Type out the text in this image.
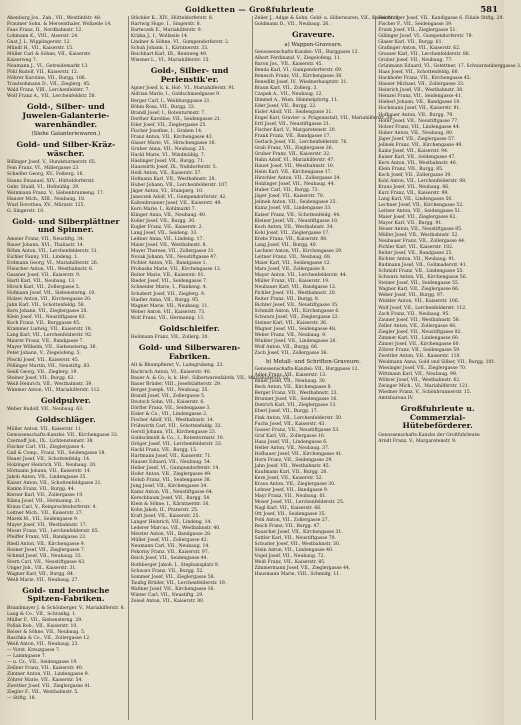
Goldketten — Großfuhrleute	581
Abenburg Jos., Zab., VII., Westbhfstr. 48.
Fraumer Sohn. & Mersenthaler, Wollzeile 14.
Faus Franz, II., Nordbahnstr. 12.
Lohmann K., VIII., Alserstr. 24.
Gust J. L. Wipplingerstr. 12.
Mündl H., VII., Kaiserstr. 15.
Müller Carl & Söhne, VII., Kaiserstr.
Kaiserweg 7.
Neumann J., VI., Getreidemarkt 13.
Pöhl Rudolf, VII., Kaiserstr. 12.
Nöhrer Karoline, VII., Burgg. 106.
Trautsohmann D., VII., Zieglerg. 45.
Wald Franz, VIII., Lerchenfeldstr. 7.
Wolf Franz A., VII., Lerchenfeldstr. 58.
Gold-, Silber- und Juwelen-Galanterie-warenhändler.
(Siehe Galanteriewaren.)
Gold- und Silber-Kräz-wäscher.
Billinger Josef, V., Hundsturmerstr. 65.
Fein Franz, VI., Millergasse 23.
Schedler Georg, XV., Felberg. 16.
Hanns Emanuel, XIV., Hütteldorferstr.
Gebr. Staidl, VI., Hofmühlg. 29.
Weinmann Franz, V., Siebenbrunneng. 17.
Hauser Mich., XIII., Neubaug. 18.
Wuzl Dorothea, XV., Märzstr. 125.
G. Singerstr. 10.
Gold- und Silberplättner und Spinner.
Ameier Franz, VII., Neustiftg. 34.
Bauer Johann, XVI., Thaliastr. 14.
Böhm Anton, VII., Lerchenfelderstr. 31.
Eichler Fanny, VII., Lindeng. 1.
Erdmann Georg, VI., Mariahilferstr. 26.
Fleischer Anton, VII., Westbahnstr. 6.
Gassner Josef, VII., Kaiserstr. 9.
Hartl Karl, VII., Neubaug. 13.
Hirsch Karl, VII., Zollergasse 5.
Hofmann Josef, VII., Siebensterng. 10.
Holzer Anton, VII., Kirchengasse 20.
Jahn Karl, VII., Schottenfeldg. 58.
Kern Johann, VII., Zieglergasse 28.
Klein Josef, VII., Neustiftgasse 83.
Koch Franz, VII., Burggasse 45.
Krammer Ludwig, VII., Kaiserstr. 18.
Lang Karl, VII., Lerchenfelderstr. 92.
Maurer Franz, VII., Bandgasse 7.
Mayer Wilhelm, VII., Siebensterng. 36.
Peter Johann, V., Ziegelofeng. 5.
Pöschl Josef, VII., Kaiserstr. 45.
Pöllinger Martin, VII., Neustiftg. 83.
Seidl Georg, VII., Zieglerg. 19.
Steiner Josef, VII., Burgg. 62.
Weiß Heinrich, VII., Westbahnstr. 39.
Wimmer Anton, VII., Mariahilferstr. 112.
Goldpulver.
Weber Rudolf, VII., Neubaug. 63.
Goldschläger.
Müller Anton, VII., Kaiserstr. 11.
Genossenschafts-Kanzlei: VII., Kirchengasse 33.
Czernoff Joh., IX., Lichtensteinstr. 38.
Fischer Carl, VII., Zieglergasse 4.
Gall & Comp., Franz, VII., Seidengasse 18.
Hauer Josef, VII., Schottenfeldg. 14.
Holzinger Heinrich, VII., Neubaug. 20.
Hörmann Johann, VII., Kaiserstr. 14.
Jakob Anton, VII., Lindengasse 35.
Kaiser Anton, VII., Schottenfeldgasse 21.
Kamm Franz, VII., Burgg. 44.
Kerner Karl, VII., Zollergasse 19.
Klima Josef, VII., Hermanng. 21.
Kraus Carl, V., Reinprechtsdorferstr. 4.
Leitner Mich., VII., Kaiserstr. 27.
Marek M., VII., Seidengasse 9.
Mayer Josef, VII., Westbahnstr. 17.
Moser Franz, VII., Lerchenfelderstr. 65.
Pfeiffer Franz, VII., Bandgasse 23.
Riedl Anton, VII., Kirchengasse 9.
Rosner Josef, VII., Zieglergasse 7.
Schmid Josef, VII., Neubaug. 33.
Stern Carl, VII., Neustiftgasse 43.
Unger Joh., VII., Kaiserstr. 31.
Wagner Karl, VII., Burgg. 84.
Weiß Marie, VII., Neubaug. 27.
Gold- und leonische Spitzen-Fabriken.
Brandmayer J. & Schönberger, V., Mariahilferstr. 8.
Laug & Co., VII., Schrankg. 1.
Müller F., VII., Siebensterng. 29.
Pollak Rob., VII., Kaiserstr. 10.
Reiser & Söhne, VII., Neubaug. 5.
Raschka & Co., VII., Zollergasse 12.
Weiß Anton, VII., Neubaug. 23.
— Vorst. Kreuzgasse 7.
— Lammgasse 7.
— u. Cz., VII., Seidengasse 19.
Zellner Franz, VII., Kaiserstr. 40.
Zimmer Anton, VII., Lindengasse 9.
Zöhrer Marie, VII., Kaiserstr. 54.
Zwettler Josef, VII., Zieglergasse 41.
Ziegler F., VII., Westbahnstr. 5.
— Stiftg. 18.
Stöckler K., XIV., Hütteldorferstr. 8.
Hartwig Hugo, I., Singerstr. 8.
Barteczek E., Mariahilferstr. 9.
Krizka J., I., Wollzeile 14.
Lindner & Söhne, VI., Gumpendorferstr. 2.
Schuh Johann, I., Kärntnerstr. 33.
Reichhart Karl, III., Rennweg 49.
Wiesner L., VI., Mariahilferstr. 15.
Gold-, Silber- und Perlenstik'er.
Agner Josef, k. k. Hof-, VI., Mariahilferstr. 91.
Aldrian Marie, I., Goldschmiedgasse 9.
Berger Carl, I., Weihburggasse 21.
Böhm Rosa, VII., Burgg. 33.
Brandl Josef, I., Rotenturmstr. 7.
Dorfner Karoline, VII., Seidengasse 21.
Eder Josef, VII., Zieglergasse 25.
Fischer Josefine, I., Graben 14.
Franz Anton, VII., Kirchengasse 43.
Glaser Marie, VI., Hirschengasse 16.
Gruber Anna, VII., Neubaug. 25.
Hackl Marie, VI., Windmühlg. 7.
Haslinger Josef, VII., Burgg. 71.
Hauswirth Josef, IX., Nußdorferstr. 5.
Heiß Anton, VII., Kaiserstr. 57.
Hofmann Karl, VII., Westbahnstr. 28.
Huber Johann, VII., Lerchenfelderstr. 107.
Jäger Anton, VI., Stumperg. 10.
Janeczek Adolf, VI., Gumpendorferstr. 42.
Kaltenbrunner Josef, VII., Kaiserstr. 49.
Kern Marie, I., Kohlmarkt 7.
Klinger Anna, VII., Neubaug. 40.
Koller Josef, VII., Burgg. 30.
Kugler Franz, VII., Kaiserstr. 2.
Lang Josef, VII., Seideng. 33.
Leitner Anna, VII., Lindeng. 17.
Maier Josef, VII., Westbahnstr. 8.
Mayer Therese, VII., Zollergasse 31.
Novak Johann, VII., Neustiftgasse 47.
Pichler Anton, VII., Bandgasse 1.
Prohaska Marie, VII., Kirchengasse 12.
Reiter Marie, VII., Kaiserstr. 61.
Rieder Josef, VII., Seidengasse 7.
Schneider Marie, I., Plankeng. 4.
Schubert Josef, VII., Zieglerg. 9.
Stadler Anna, VII., Burgg. 95.
Wagner Marie, VII., Neubaug. 11.
Weber Anton, VII., Kaiserstr. 73.
Wolf Franz, VII., Hermanng. 13.
Goldschleifer.
Heilmann Franz, VII., Zollerg. 20.
Gold- und Silberwaren-Fabriken.
Alt & Rhumpflerer, V., Laimgrubeng. 23.
Bachruch Anton, VI., Kaiserstr. 40.
Bauer A. & Co., k. k. Hof-, Silberwarenfabrik, VII., Mariahilferstr. 52.
Bauer Brüder, VIII., Josefstädterstr. 29.
Berger Joseph, VII., Neubaug. 35.
Brandl Josef, VII., Zollergasse 5.
Deutsch Sohn, VII., Kaiserstr. 6.
Dörfler Franz, VII., Seidengasse 3.
Eisler & Co., VII., Lindengasse 2.
Fischer Adolf, VII., Westbahnstr. 14.
Frühwirth Carl, VII., Schottenfeldg. 32.
Gerstl Johann, VII., Kirchengasse 23.
Goldschmidt & Co., I., Rotenturmstr. 10.
Gröger Josef, VII., Lerchenfelderstr. 33.
Hackl Franz, VII., Burgg. 15.
Hartmann Josef, VII., Kaiserstr. 71.
Hauser Eduard, VII., Neubaug. 54.
Heller Josef, VI., Gumpendorferstr. 14.
Hofer Anton, VII., Zieglergasse 49.
Holub Franz, VII., Seidengasse 38.
Jung Josef, VII., Kirchengasse 34.
Kainz Anton, VII., Neustiftgasse 64.
Kerschbaum Josef, VII., Burgg. 54.
Klein & Söhne, I., Kärntnerstr. 16.
Kohn Jakob, II., Praterstr. 25.
Kraft Josef, VII., Kaiserstr. 25.
Langer Heinrich, VII., Lindeng. 14.
Lederer Marcus, VII., Westbahnstr. 40.
Meister Anton, VII., Bandgasse 28.
Müller Josef, VII., Zollergasse 42.
Neumann Carl, VII., Neubaug. 14.
Pokorny Franz, VII., Kaiserstr. 97.
Reich Josef, VII., Seidengasse 44.
Rothberger Jakob, I., Stephansplatz 9.
Schwarz Franz, VII., Burgg. 52.
Sommer Josef, VII., Zieglergasse 58.
Taußig Brüder, VII., Lerchenfelderstr. 19.
Wallner Josef, VII., Kirchengasse 16.
Winter Carl, VII., Neustiftg. 29.
Zeisel Anton, VII., Kaiserstr. 80.
Zeiler J., Adige & Sohn, Gold- u. Silberwaren, VII., Kaiserstr. 9.
Goldmann D., VII., Neubaug. 26.
Graveure.
a) Wappen-Graveure.
Genossenschafts-Kanzlei: VII., Burggasse 12.
Albert Ferdinand, V., Ziegelofeng. 11.
Baron Jos., VII., Kaiserstr. 45.
Benda Karl, VI., Gumpendorferstr. 69.
Benesch Franz, VII., Kirchengasse 38.
Benedikt Josef, IV., Wiednerhauptstr. 31.
Braun Karl, VII., Zollerg. 3.
Czapek A., VII., Neubaug. 12.
Dimmel A., Wien, Himmelpfortg. 11.
Eder Josef, VII., Burgg. 22.
Eisler Adolf, VII., Seidengasse 31.
Engel Karl, Gravier- u. Prägeanstalt, VII., Mariahilferstr. 34.
Ertl Josef, VII., Neustiftgasse 21.
Fischer Karl, V., Margaretenstr. 20.
Frank Franz, VII., Bandgasse 17.
Gerlach Josef, VII., Lerchenfelderstr. 76.
Grab Franz, VII., Zieglergasse 36.
Gruber Franz, VII., Kaiserstr. 32.
Hahn Adolf, VI., Mariahilferstr. 47.
Hauer Josef, VII., Westbahnstr. 10.
Heim Karl, VII., Kirchengasse 17.
Hirschler Anton, VII., Zollergasse 24.
Holzinger Josef, VII., Neubaug. 44.
Huber Carl, VII., Burgg. 73.
Jäger Josef, VII., Kaiserstr. 70.
Jelinek Anton, VII., Seidengasse 25.
Kainz Josef, VII., Lindengasse 33.
Kaiser Franz, VII., Schottenfeldg. 44.
Kleiner Josef, VII., Neustiftgasse 10.
Koch Anton, VII., Westbahnstr. 34.
Kohl Josef, VII., Zieglergasse 17.
Krebs Franz, VII., Kaiserstr. 88.
Lang Josef, VII., Burgg. 40.
Lechner Anton, VII., Kirchengasse 29.
Leitner Franz, VII., Neubaug. 68.
Maier Karl, VII., Seidengasse 12.
Marx Josef, VII., Zollergasse 8.
Mayer Anton, VII., Lerchenfelderstr. 44.
Müller Franz, VII., Kaiserstr. 19.
Neubauer Karl, VII., Bandgasse 12.
Pichler Josef, VII., Westbahnstr. 20.
Reiter Franz, VII., Burgg. 8.
Richter Josef, VII., Neustiftgasse 35.
Schmidt Anton, VII., Kirchengasse 6.
Schwarz Josef, VII., Zieglergasse 22.
Steiner Karl, VII., Kaiserstr. 36.
Wagner Josef, VII., Seidengasse 48.
Weber Franz, VII., Neubaug. 9.
Winkler Josef, VII., Lindengasse 26.
Wolf Anton, VII., Burgg. 66.
Zach Josef, VII., Zollergasse 36.
b) Metall- und Schriften-Graveure.
Genossenschafts-Kanzlei: VII., Burggasse 12.
Adler Franz, VII., Kaiserstr. 13.
Bauer Josef, VII., Neubaug. 30.
Beck Anton, VII., Kirchengasse 8.
Berger Franz, VII., Westbahnstr. 23.
Brunner Josef, VII., Seidengasse 16.
Dietrich Karl, VII., Zieglergasse 13.
Eberl Josef, VII., Burgg. 17.
Fink Anton, VII., Lerchenfelderstr. 50.
Fuchs Josef, VII., Kaiserstr. 43.
Gasser Franz, VII., Neustiftgasse 53.
Graf Karl, VII., Zollergasse 16.
Haas Josef, VII., Lindengasse 6.
Heller Anton, VII., Neubaug. 37.
Hofbauer Josef, VII., Kirchengasse 41.
Horn Franz, VII., Seidengasse 29.
Jahn Josef, VII., Westbahnstr. 45.
Kaufmann Karl, VII., Burgg. 28.
Kern Josef, VII., Kaiserstr. 52.
Kraus Anton, VII., Zieglergasse 30.
Lehner Josef, VII., Bandgasse 9.
Mayr Franz, VII., Neubaug. 61.
Moser Josef, VII., Lerchenfelderstr. 25.
Nagl Karl, VII., Kaiserstr. 66.
Ott Josef, VII., Seidengasse 35.
Pohl Anton, VII., Zollergasse 27.
Reich Franz, VII., Burgg. 47.
Rauscher Josef, VII., Kirchengasse 31.
Sattler Karl, VII., Neustiftgasse 70.
Schuster Josef, VII., Westbahnstr. 30.
Stein Anton, VII., Lindengasse 40.
Vogel Josef, VII., Neubaug. 72.
Weiß Franz, VII., Kaiserstr. 85.
Zimmermann Josef, VII., Zieglergasse 44.
Hausmann Marie, VIII., Schmidg. 11.
Feichtinger Josef, VII., Kandlgasse 6. Filiale Stiftg. 29.
Fischer F., VII., Seidengasse 39.
Frank Josef, VII., Zieglergasse 51.
Gillinger Josef, VI., Gumpendorferstr. 79.
Glaser Karl, VII., Burgg. 61.
Grafinger Anton, VII., Kaiserstr. 62.
Grasser Karl, VII., Lerchenfelderstr. 86.
Gruber Josef, VII., Neubaug. 77.
Grünmann Eduard, VI., Gstettner, 17. Schwarzenberggasse 3.
Haas Josef, VII., Schottenfeldg. 60.
Hackhofer Franz, VII., Kirchengasse 45.
Hauser Michael, VII., Zollergasse 33.
Heinrich Josef, VII., Westbahnstr. 38.
Heinzel Franz, VII., Seidengasse 41.
Hieberl Johann, VII., Bandgasse 19.
Hochmann Josef, VII., Kaiserstr. 91.
Hofbauer Anton, VII., Burgg. 79.
Hofer Josef, VII., Neustiftgasse 77.
Holzer Franz, VII., Lindengasse 44.
Huber Anton, VII., Neubaug. 80.
Jäger Josef, VII., Zieglergasse 57.
Jelinek Franz, VII., Kirchengasse 49.
Kainz Josef, VII., Kaiserstr. 94.
Kaiser Karl, VII., Seidengasse 47.
Kern Anton, VII., Westbahnstr. 46.
Klein Franz, VII., Burgg. 85.
Koch Josef, VII., Zollergasse 39.
Kohl Anton, VII., Lerchenfelderstr. 98.
Kraus Josef, VII., Neubaug. 86.
Kurz Franz, VII., Kaiserstr. 99.
Lang Karl, VII., Lindengasse 50.
Lechner Josef, VII., Kirchengasse 52.
Leitner Anton, VII., Seidengasse 51.
Maier Josef, VII., Zieglergasse 62.
Mayer Karl, VII., Burgg. 91.
Moser Anton, VII., Neustiftgasse 85.
Müller Josef, VII., Westbahnstr. 52.
Neubauer Franz, VII., Zollergasse 44.
Pichler Karl, VII., Kaiserstr. 102.
Reiter Josef, VII., Bandgasse 25.
Richter Anton, VII., Neubaug. 91.
Rudmann Josef, VII., Gollmaderstr. 41.
Schmidt Franz, VII., Lindengasse 55.
Schwarz Anton, VII., Kirchengasse 56.
Steiner Josef, VII., Seidengasse 55.
Wagner Karl, VII., Zieglergasse 66.
Weber Josef, VII., Burgg. 97.
Winkler Anton, VII., Kaiserstr. 106.
Wolf Josef, VII., Lerchenfelderstr. 112.
Zach Franz, VII., Neubaug. 95.
Zauner Josef, VII., Westbahnstr. 58.
Zeller Anton, VII., Zollergasse 48.
Ziegler Josef, VII., Neustiftgasse 92.
Zimmer Karl, VII., Lindengasse 60.
Zinner Josef, VII., Kirchengasse 60.
Zöhrer Franz, VII., Seidengasse 59.
Zwettler Anton, VII., Kaiserstr. 110.
Weidmann Anna, Gold und Silber, VII., Burgg. 101.
Wiesinger Josef, VII., Zieglergasse 70.
Wittmann Karl, VII., Neubaug. 99.
Wöhrer Josef, VII., Westbahnstr. 62.
Zwinger Mich., VI., Mariahilferstr. 121.
Wiedner Franz, V., Schönbrunnerstr. 15.
Amtsbureau IV.
Großfuhrleute u. Commerzial-Hütebeförderer.
Genossenschafts-Kanzlei der Großfuhrleute:
Arndt Franz, V., Margaretenstr. 9.
